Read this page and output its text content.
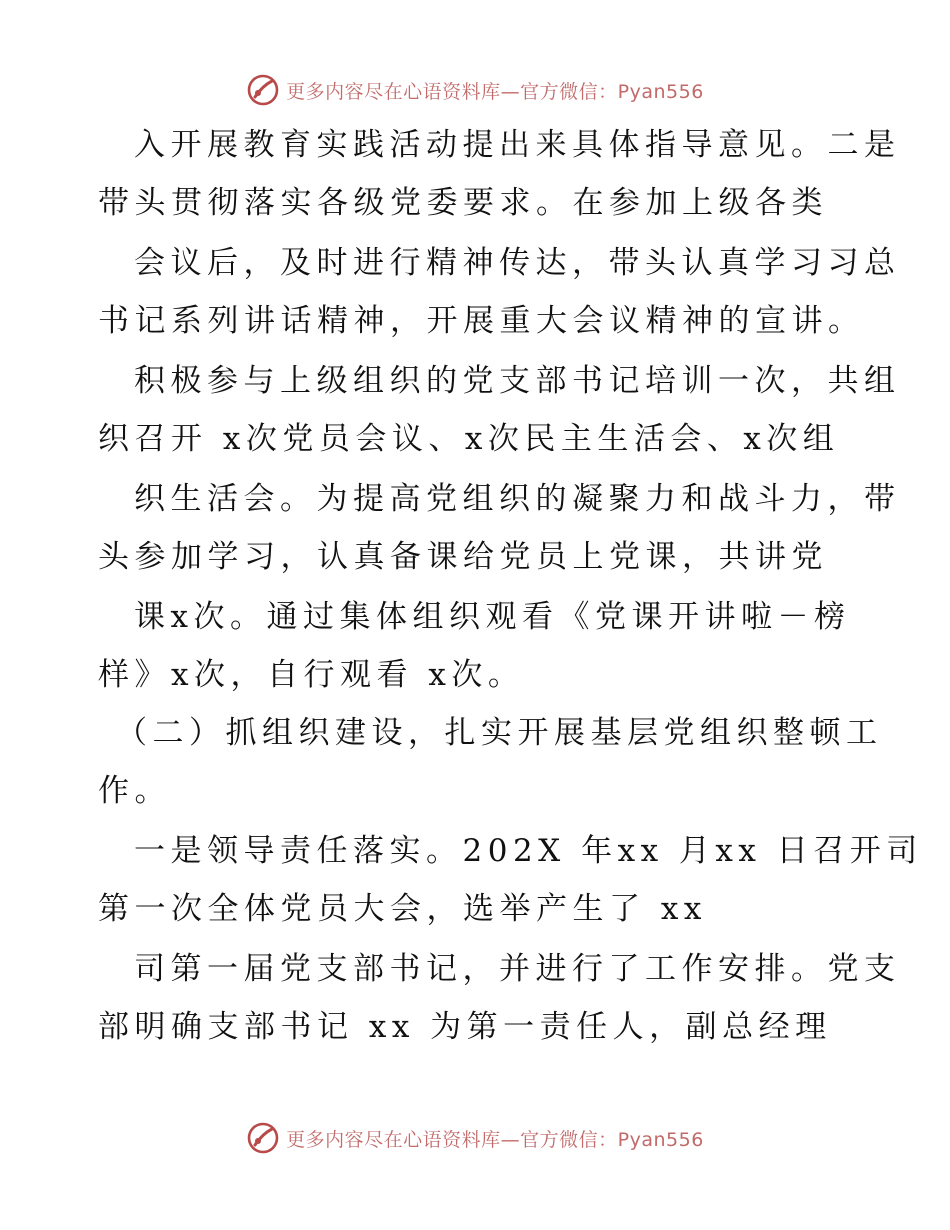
更多内容尽在心语资料库—官方微信：Pyan556
入开展教育实践活动提出来具体指导意见。二是
带头贯彻落实各级党委要求。在参加上级各类
会议后，及时进行精神传达，带头认真学习习总
书记系列讲话精神，开展重大会议精神的宣讲。
积极参与上级组织的党支部书记培训一次，共组
织召开 x次党员会议、x次民主生活会、x次组
织生活会。为提高党组织的凝聚力和战斗力，带
头参加学习，认真备课给党员上党课，共讲党
课x次。通过集体组织观看《党课开讲啦－榜
样》x次，自行观看 x次。
（二）抓组织建设，扎实开展基层党组织整顿工
作。
一是领导责任落实。202X 年xx 月xx 日召开司
第一次全体党员大会，选举产生了 xx
司第一届党支部书记，并进行了工作安排。党支
部明确支部书记 xx 为第一责任人，副总经理
更多内容尽在心语资料库—官方微信：Pyan556
